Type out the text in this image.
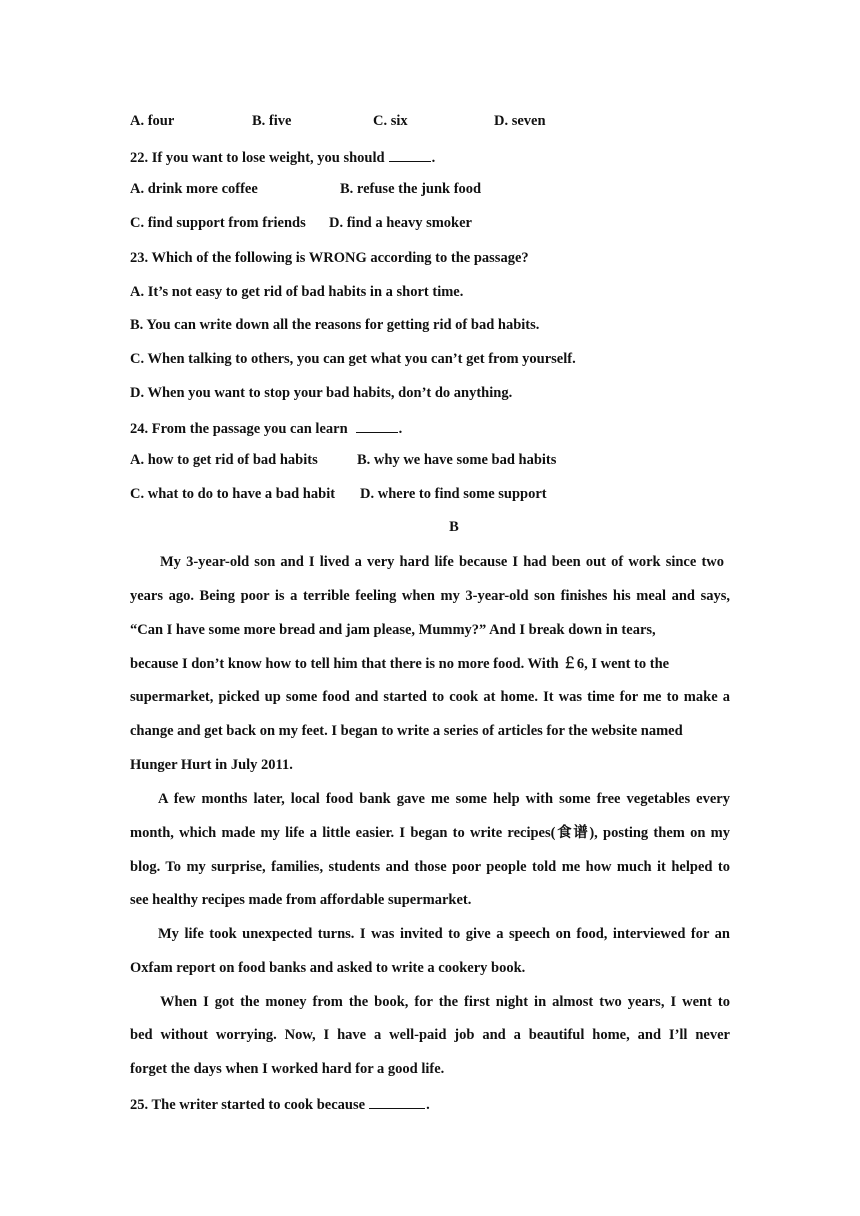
A. four	B. five	C. six	D. seven
22. If you want to lose weight, you should	.
A. drink more coffee	B. refuse the junk food
C. find support from friends D. find a heavy smoker
23. Which of the following is WRONG according to the passage?
A. It’s not easy to get rid of bad habits in a short time.
B. You can write down all the reasons for getting rid of bad habits.
C. When talking to others, you can get what you can’t get from yourself.
D. When you want to stop your bad habits, don’t do anything.
24. From the passage you can learn	.
A. how to get rid of bad habits	B. why we have some bad habits
C. what to do to have a bad habit D. where to find some support
B
My 3-year-old son and I lived a very hard life because I had been out of work since two
years ago. Being poor is a terrible feeling when my 3-year-old son finishes his meal and says,
“Can I have some more bread and jam please, Mummy?” And I break down in tears,
because I don’t know how to tell him that there is no more food. With ￡6, I went to the
supermarket, picked up some food and started to cook at home. It was time for me to make a
change and get back on my feet. I began to write a series of articles for the website named
Hunger Hurt in July 2011.
A few months later, local food bank gave me some help with some free vegetables every
month, which made my life a little easier. I began to write recipes(食谱), posting them on my
blog. To my surprise, families, students and those poor people told me how much it helped to
see healthy recipes made from affordable supermarket.
My life took unexpected turns. I was invited to give a speech on food, interviewed for an
Oxfam report on food banks and asked to write a cookery book.
When I got the money from the book, for the first night in almost two years, I went to
bed without worrying. Now, I have a well-paid job and a beautiful home, and I’ll never
forget the days when I worked hard for a good life.
25. The writer started to cook because	.
